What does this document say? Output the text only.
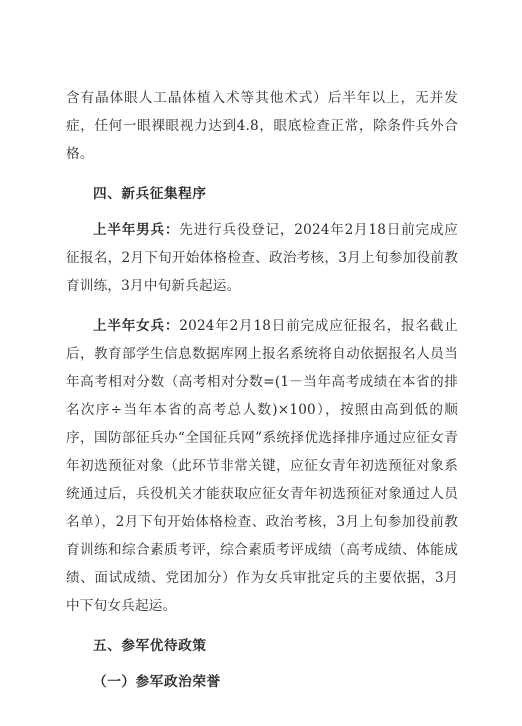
含有晶体眼人工晶体植入术等其他术式）后半年以上，无并发症，任何一眼裸眼视力达到4.8，眼底检查正常，除条件兵外合格。

四、新兵征集程序

上半年男兵：先进行兵役登记，2024年2月18日前完成应征报名，2月下旬开始体格检查、政治考核，3月上旬参加役前教育训练，3月中旬新兵起运。

上半年女兵：2024年2月18日前完成应征报名，报名截止后，教育部学生信息数据库网上报名系统将自动依据报名人员当年高考相对分数（高考相对分数=(1－当年高考成绩在本省的排名次序÷当年本省的高考总人数)×100），按照由高到低的顺序，国防部征兵办“全国征兵网”系统择优选择排序通过应征女青年初选预征对象（此环节非常关键，应征女青年初选预征对象系统通过后，兵役机关才能获取应征女青年初选预征对象通过人员名单），2月下旬开始体格检查、政治考核，3月上旬参加役前教育训练和综合素质考评，综合素质考评成绩（高考成绩、体能成绩、面试成绩、党团加分）作为女兵审批定兵的主要依据，3月中下旬女兵起运。

五、参军优待政策
（一）参军政治荣誉
